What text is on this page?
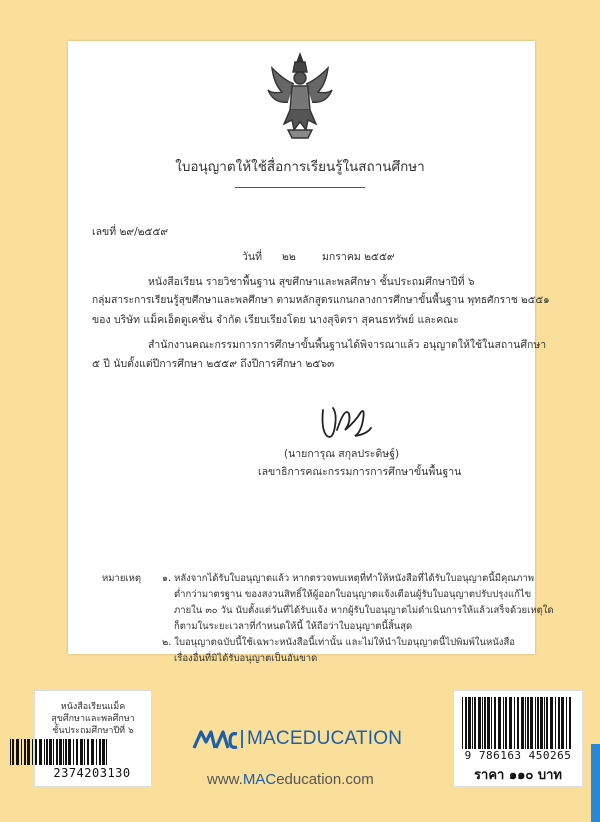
ใบอนุญาตให้ใช้สื่อการเรียนรู้ในสถานศึกษา
เลขที่ ๒๙/๒๕๕๙
วันที่ ๒๒ มกราคม ๒๕๕๙
หนังสือเรียน รายวิชาพื้นฐาน สุขศึกษาและพลศึกษา ชั้นประถมศึกษาปีที่ ๖
กลุ่มสาระการเรียนรู้สุขศึกษาและพลศึกษา ตามหลักสูตรแกนกลางการศึกษาขั้นพื้นฐาน พุทธศักราช ๒๕๕๑
ของ บริษัท แม็คเอ็ดดูเคชั่น จำกัด เรียบเรียงโดย นางสุจิตรา สุคนธทรัพย์ และคณะ
สำนักงานคณะกรรมการการศึกษาขั้นพื้นฐานได้พิจารณาแล้ว อนุญาตให้ใช้ในสถานศึกษา
๕ ปี นับตั้งแต่ปีการศึกษา ๒๕๕๙ ถึงปีการศึกษา ๒๕๖๓
(นายการุณ สกุลประดิษฐ์)
เลขาธิการคณะกรรมการการศึกษาขั้นพื้นฐาน
หมายเหตุ ๑. หลังจากได้รับใบอนุญาตแล้ว หากตรวจพบเหตุที่ทำให้หนังสือที่ได้รับใบอนุญาตนี้มีคุณภาพ
ต่ำกว่ามาตรฐาน ของสงวนสิทธิ์ให้ผู้ออกใบอนุญาตแจ้งเตือนผู้รับใบอนุญาตปรับปรุงแก้ไข
ภายใน ๓๐ วัน นับตั้งแต่วันที่ได้รับแจ้ง หากผู้รับใบอนุญาตไม่ดำเนินการให้แล้วเสร็จด้วยเหตุใด
ก็ตามในระยะเวลาที่กำหนดให้นี้ ให้ถือว่าใบอนุญาตนี้สิ้นสุด
๒. ใบอนุญาตฉบับนี้ใช้เฉพาะหนังสือนี้เท่านั้น และไม่ให้นำใบอนุญาตนี้ไปพิมพ์ในหนังสือ
เรื่องอื่นที่มิได้รับอนุญาตเป็นอันขาด
หนังสือเรียนแม็ค
สุขศึกษาและพลศึกษา
ชั้นประถมศึกษาปีที่ ๖
2374203130
MACEDUCATION
www.MACeducation.com
9 786163 450265
ราคา ๑๑๐ บาท
